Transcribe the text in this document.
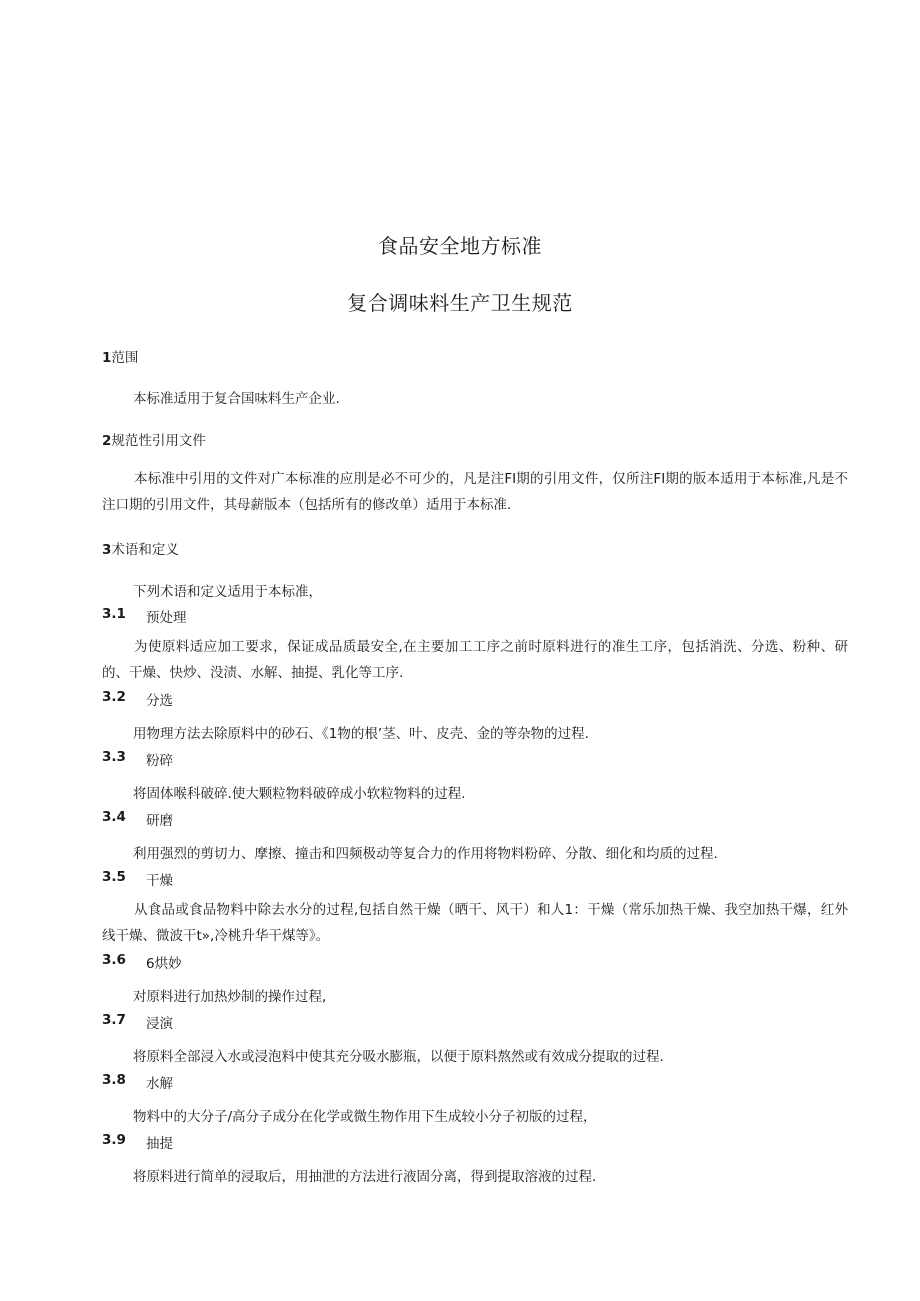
食品安全地方标准
复合调味料生产卫生规范
1范围
本标准适用于复合国味料生产企业.
2规范性引用文件
本标准中引用的文件对广本标准的应刖是必不可少的，凡是注FI期的引用文件，仅所注FI期的版本适用于本标准,凡是不注口期的引用文件，其母薪版本（包括所有的修改单）适用于本标准.
3术语和定义
下列术语和定义适用于本标准，
3.1 预处理
为使原料适应加工要求，保证成品质最安全,在主要加工工序之前时原料进行的准生工序，包括消洗、分选、粉种、研的、干燥、快炒、没渍、水解、抽提、乳化等工序.
3.2 分选
用物理方法去除原料中的砂石、《1物的根’茎、叶、皮壳、金的等杂物的过程.
3.3 粉碎
将固体喉科破碎.使大颗粒物料破碎成小软粒物料的过程.
3.4 研磨
利用强烈的剪切力、摩擦、撞击和四频极动等复合力的作用将物料粉碎、分散、细化和均质的过程.
3.5 干燥
从食品或食品物料中除去水分的过程,包括自然干燥（晒干、风干）和人1：干燥（常乐加热干燥、我空加热干爆，红外线干燥、微波干t»,冷桃升华干煤等》。
3.6 6烘妙
对原料进行加热炒制的操作过程,
3.7 浸演
将原料全部浸入水或浸泡料中使其充分吸水膨瓶，以便于原料熬然或有效成分提取的过程.
3.8 水解
物料中的大分子/高分子成分在化学或微生物作用下生成较小分子初版的过程，
3.9 抽提
将原料进行简单的浸取后，用抽泄的方法进行液固分离，得到提取溶液的过程.
